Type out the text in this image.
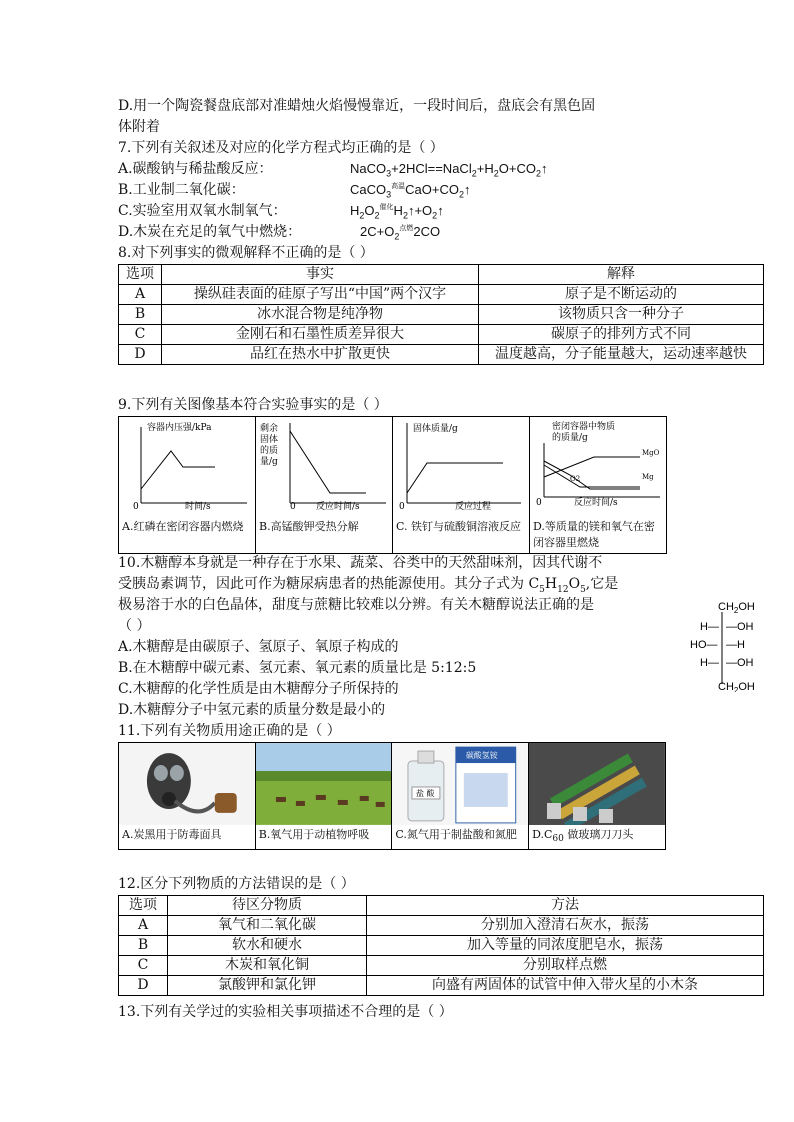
D.用一个陶瓷餐盘底部对准蜡烛火焰慢慢靠近，一段时间后，盘底会有黑色固
体附着
7.下列有关叙述及对应的化学方程式均正确的是（ ）
A.碳酸钠与稀盐酸反应：	$NaCO_3+2HCl==NaCl_2+H_2O+CO_2↑$
B.工业制二氧化碳：	$CaCO_3^{高温}CaO+CO_2↑$
C.实验室用双氧水制氧气：	$H_2O_2^{催化}H_2↑+O_2↑$
D.木炭在充足的氧气中燃烧：	$2C+O_2^{点燃}2CO$
8.对下列事实的微观解释不正确的是（ ）
选项	事实	解释
A	操纵硅表面的硅原子写出“中国”两个汉字	原子是不断运动的
B	冰水混合物是纯净物	该物质只含一种分子
C	金刚石和石墨性质差异很大	碳原子的排列方式不同
D	品红在热水中扩散更快	温度越高，分子能量越大，运动速率越快
9.下列有关图像基本符合实验事实的是（ ）
容器内压强/kPa
时间/s
0
A.红磷在密闭容器内燃烧

剩余
固体
的质
量/g
反应时间/s
0
B.高锰酸钾受热分解

固体质量/g
反应过程
0
C. 铁钉与硫酸铜溶液反应

密闭容器中物质
的质量/g
MgO
Mg
O2
反应时间/s
0
D.等质量的镁和氧气在密闭容器里燃烧
10.木糖醇本身就是一种存在于水果、蔬菜、谷类中的天然甜味剂，因其代谢不
受胰岛素调节，因此可作为糖尿病患者的热能源使用。其分子式为 $C_5H_{12}O_5$,它是
极易溶于水的白色晶体，甜度与蔗糖比较难以分辨。有关木糖醇说法正确的是
（ ）
A.木糖醇是由碳原子、氢原子、氧原子构成的
B.在木糖醇中碳元素、氢元素、氧元素的质量比是 5:12:5
C.木糖醇的化学性质是由木糖醇分子所保持的
D.木糖醇分子中氢元素的质量分数是最小的
11.下列有关物质用途正确的是（ ）
A.炭黑用于防毒面具	B.氧气用于动植物呼吸

盐 酸
碳酸氢铵
C.氮气用于制盐酸和氮肥	$D.C_{60}$ 做玻璃刀刀头
12.区分下列物质的方法错误的是（ ）
选项	待区分物质	方法
A	氧气和二氧化碳	分别加入澄清石灰水，振荡
B	软水和硬水	加入等量的同浓度肥皂水，振荡
C	木炭和氧化铜	分别取样点燃
D	氯酸钾和氯化钾	向盛有两固体的试管中伸入带火星的小木条
13.下列有关学过的实验相关事项描述不合理的是（ ）
$CH_2OH$
H— —OH
HO— —H
H— —OH
$CH_2OH$
